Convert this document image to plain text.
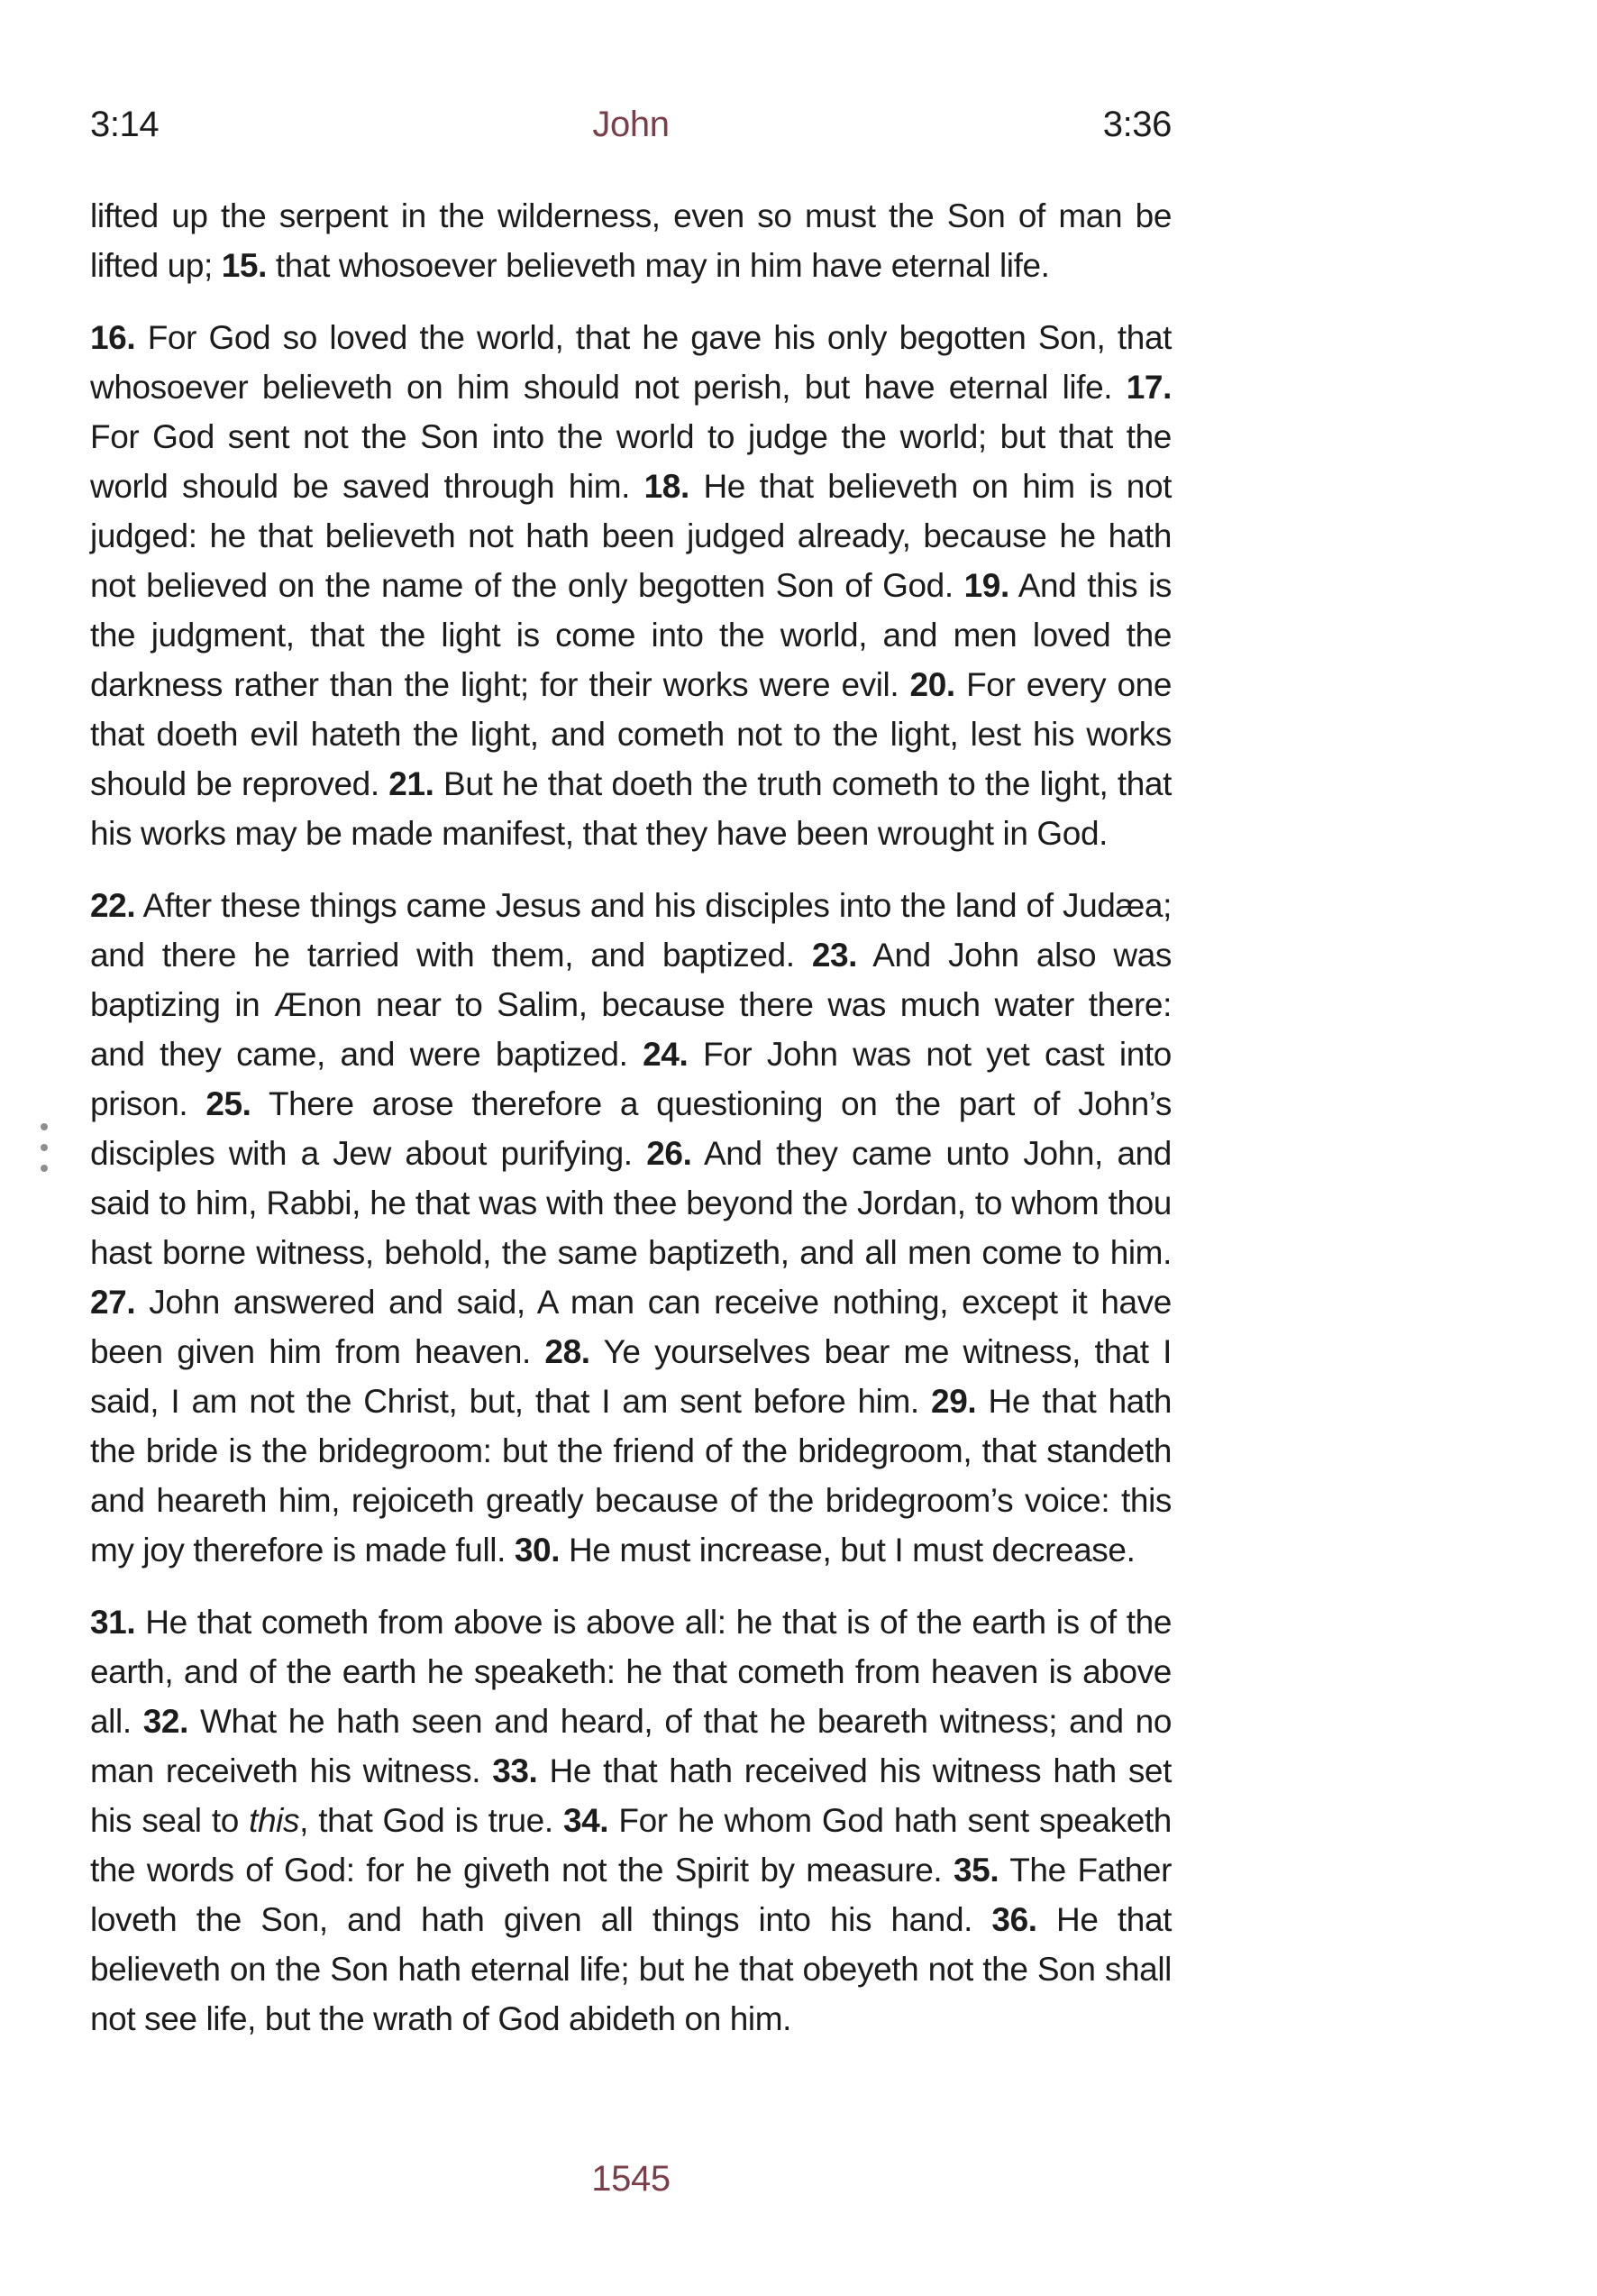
3:14	John	3:36

lifted up the serpent in the wilderness, even so must the Son of man be lifted up; 15. that whosoever believeth may in him have eternal life.

16. For God so loved the world, that he gave his only begotten Son, that whosoever believeth on him should not perish, but have eternal life. 17. For God sent not the Son into the world to judge the world; but that the world should be saved through him. 18. He that believeth on him is not judged: he that believeth not hath been judged already, because he hath not believed on the name of the only begotten Son of God. 19. And this is the judgment, that the light is come into the world, and men loved the darkness rather than the light; for their works were evil. 20. For every one that doeth evil hateth the light, and cometh not to the light, lest his works should be reproved. 21. But he that doeth the truth cometh to the light, that his works may be made manifest, that they have been wrought in God.

22. After these things came Jesus and his disciples into the land of Judæa; and there he tarried with them, and baptized. 23. And John also was baptizing in Ænon near to Salim, because there was much water there: and they came, and were baptized. 24. For John was not yet cast into prison. 25. There arose therefore a questioning on the part of John’s disciples with a Jew about purifying. 26. And they came unto John, and said to him, Rabbi, he that was with thee beyond the Jordan, to whom thou hast borne witness, behold, the same baptizeth, and all men come to him. 27. John answered and said, A man can receive nothing, except it have been given him from heaven. 28. Ye yourselves bear me witness, that I said, I am not the Christ, but, that I am sent before him. 29. He that hath the bride is the bridegroom: but the friend of the bridegroom, that standeth and heareth him, rejoiceth greatly because of the bridegroom’s voice: this my joy therefore is made full. 30. He must increase, but I must decrease.

31. He that cometh from above is above all: he that is of the earth is of the earth, and of the earth he speaketh: he that cometh from heaven is above all. 32. What he hath seen and heard, of that he beareth witness; and no man receiveth his witness. 33. He that hath received his witness hath set his seal to this, that God is true. 34. For he whom God hath sent speaketh the words of God: for he giveth not the Spirit by measure. 35. The Father loveth the Son, and hath given all things into his hand. 36. He that believeth on the Son hath eternal life; but he that obeyeth not the Son shall not see life, but the wrath of God abideth on him.

1545
